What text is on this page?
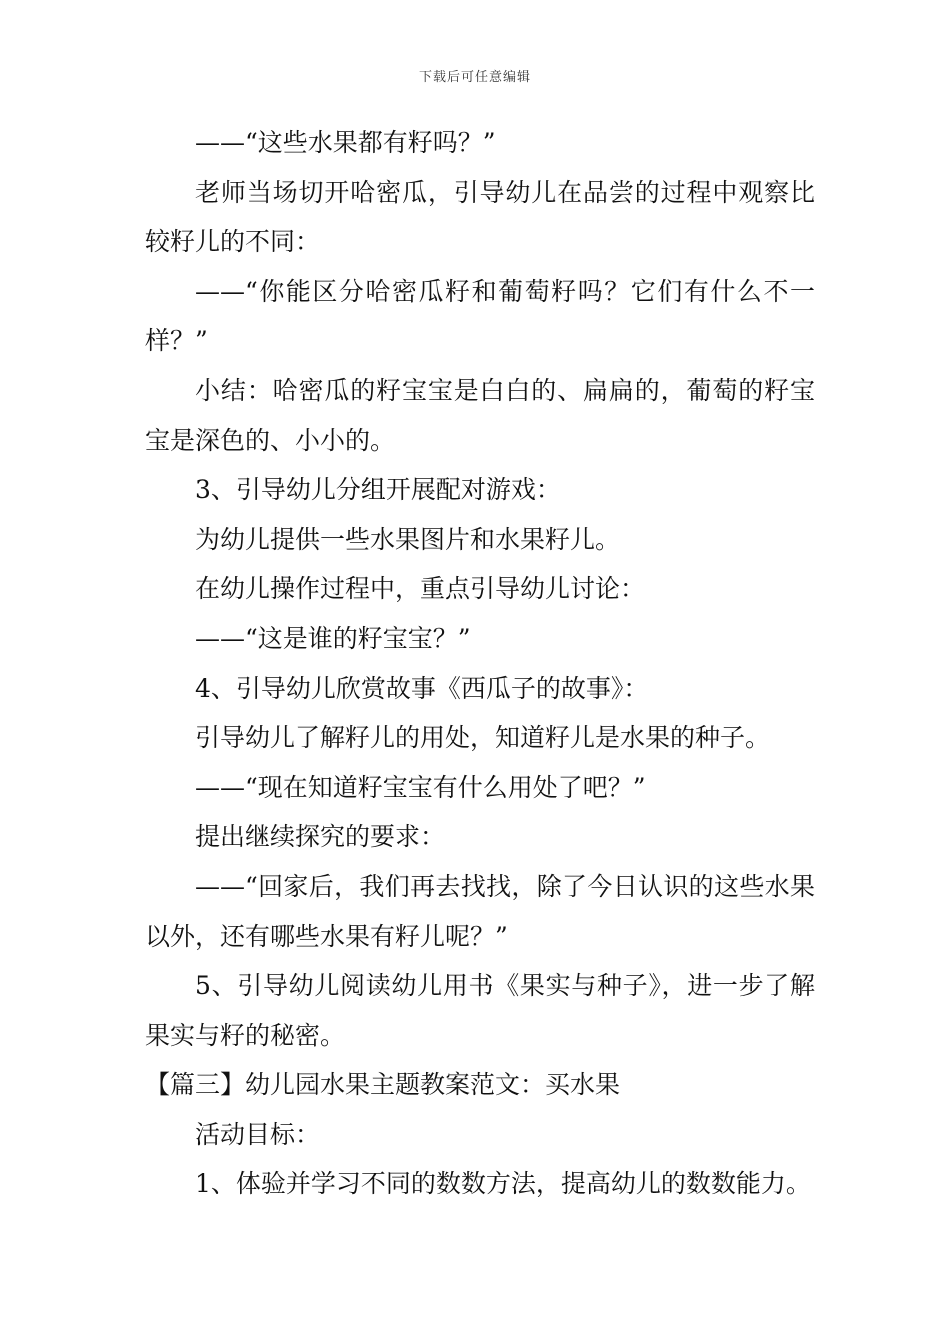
下载后可任意编辑

——“这些水果都有籽吗？”

老师当场切开哈密瓜，引导幼儿在品尝的过程中观察比较籽儿的不同：

——“你能区分哈密瓜籽和葡萄籽吗？它们有什么不一样？”

小结：哈密瓜的籽宝宝是白白的、扁扁的，葡萄的籽宝宝是深色的、小小的。

3、引导幼儿分组开展配对游戏：

为幼儿提供一些水果图片和水果籽儿。

在幼儿操作过程中，重点引导幼儿讨论：

——“这是谁的籽宝宝？”

4、引导幼儿欣赏故事《西瓜子的故事》：

引导幼儿了解籽儿的用处，知道籽儿是水果的种子。

——“现在知道籽宝宝有什么用处了吧？”

提出继续探究的要求：

——“回家后，我们再去找找，除了今日认识的这些水果以外，还有哪些水果有籽儿呢？”

5、引导幼儿阅读幼儿用书《果实与种子》，进一步了解果实与籽的秘密。

【篇三】幼儿园水果主题教案范文：买水果

活动目标：

1、体验并学习不同的数数方法，提高幼儿的数数能力。
